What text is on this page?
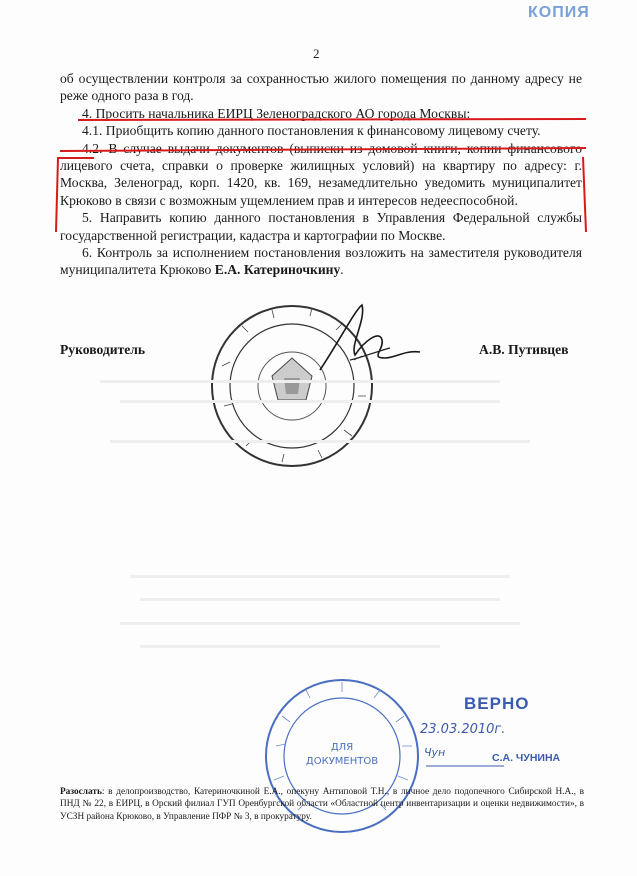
КОПИЯ
2

об осуществлении контроля за сохранностью жилого помещения по данному адресу не реже одного раза в год.

4. Просить начальника ЕИРЦ Зеленоградского АО города Москвы:

4.1. Приобщить копию данного постановления к финансовому лицевому счету.

4.2. В случае выдачи документов (выписки из домовой книги, копии финансового лицевого счета, справки о проверке жилищных условий) на квартиру по адресу: г. Москва, Зеленоград, корп. 1420, кв. 169, незамедлительно уведомить муниципалитет Крюково в связи с возможным ущемлением прав и интересов недееспособной.

5. Направить копию данного постановления в Управления Федеральной службы государственной регистрации, кадастра и картографии по Москве.

6. Контроль за исполнением постановления возложить на заместителя руководителя муниципалитета Крюково Е.А. Катериночкину.

Руководитель	А.В. Путивцев
ДЛЯ
ДОКУМЕНТОВ
ВЕРНО
23.03.2010г.
Чун	С.А. ЧУНИНА
Разослать: в делопроизводство, Катериночкиной Е.А., опекуну Антиповой Т.Н., в личное дело подопечного Сибирской Н.А., в ПНД № 22, в ЕИРЦ, в Орский филиал ГУП Оренбургской области «Областной центр инвентаризации и оценки недвижимости», в УСЗН района Крюково, в Управление ПФР № 3, в прокуратуру.
